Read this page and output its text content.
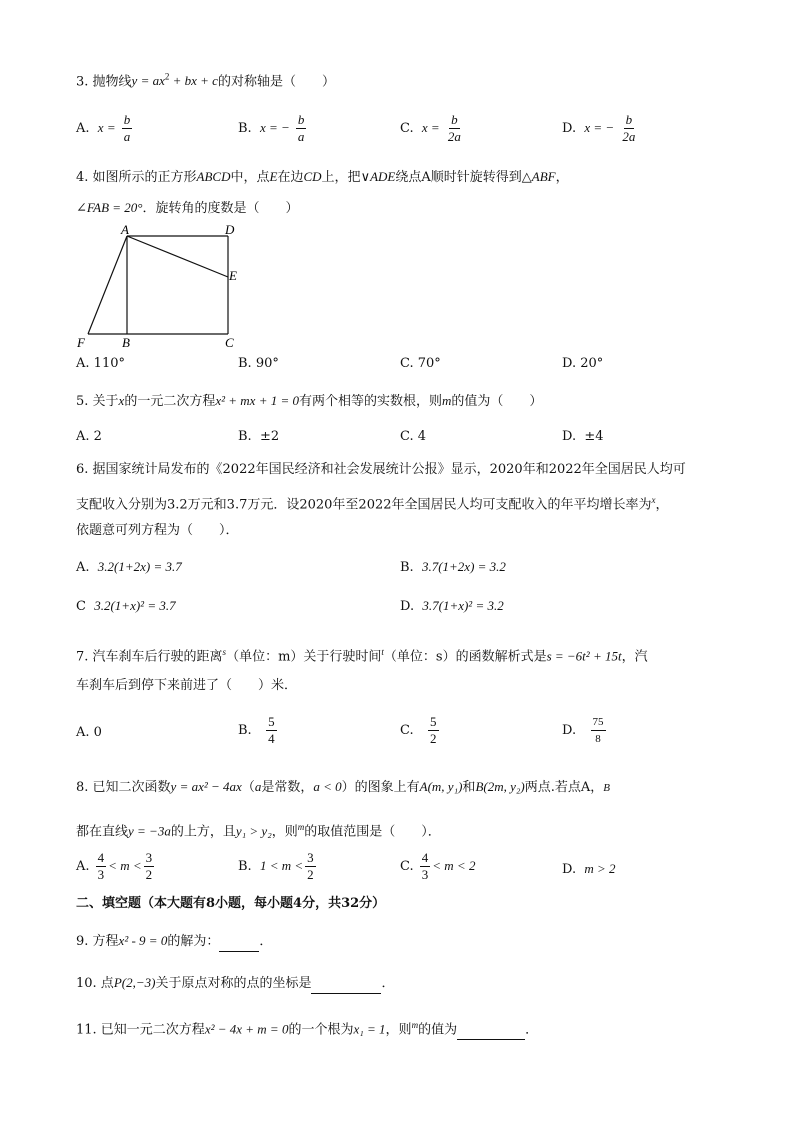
3. 抛物线$y = ax^2$ + bx + c的对称轴是（　　）
A. $x = \frac{b}{a}$	B. x = − $\frac{b}{a}$	C. $x = \frac{b}{2a}$	D. x = − $\frac{b}{2a}$
4. 如图所示的正方形ABCD中，点E在边CD上，把∨ADE绕点A顺时针旋转得到△ABF，
∠FAB = 20°．旋转角的度数是（　　）
A	D
E
F	B	C
A. 110°	B. 90°	C. 70°	D. 20°
5. 关于x的一元二次方程x² + mx + 1 = 0有两个相等的实数根，则m的值为（　　）
A. 2	B. ±2	C. 4	D. ±4
6. 据国家统计局发布的《2022年国民经济和社会发展统计公报》显示，2020年和2022年全国居民人均可
支配收入分别为3.2万元和3.7万元．设2020年至2022年全国居民人均可支配收入的年平均增长率为$^x$，
依题意可列方程为（　　）．
A. 3.2(1+2x) = 3.7	B. 3.7(1+2x) = 3.2
C 3.2(1+x)² = 3.7	D. 3.7(1+x)² = 3.2
7. 汽车刹车后行驶的距离$^s$（单位：m）关于行驶时间$^t$（单位：s）的函数解析式是s = −6t² + 15t，汽
车刹车后到停下来前进了（　　）米．
A. 0	B. $\frac{5}{4}$	C. $\frac{5}{2}$	D. $\frac{75}{8}$
8. 已知二次函数y = ax² − 4ax（a是常数，a < 0）的图象上有A(m, y₁)和B(2m, y₂)两点.若点A，B
都在直线y = −3a的上方，且y₁ > y₂，则$^m$的取值范围是（　　）．
A. $\frac{4}{3} < m < \frac{3}{2}$	B. $1 < m < \frac{3}{2}$	C. $\frac{4}{3} < m < 2$	D. m > 2
二、填空题（本大题有8小题，每小题4分，共32分）
9. 方程x² - 9 = 0的解为：	．
10. 点P(2,−3)关于原点对称的点的坐标是	．
11. 已知一元二次方程x² − 4x + m = 0的一个根为x₁ = 1，则$^m$的值为	．
